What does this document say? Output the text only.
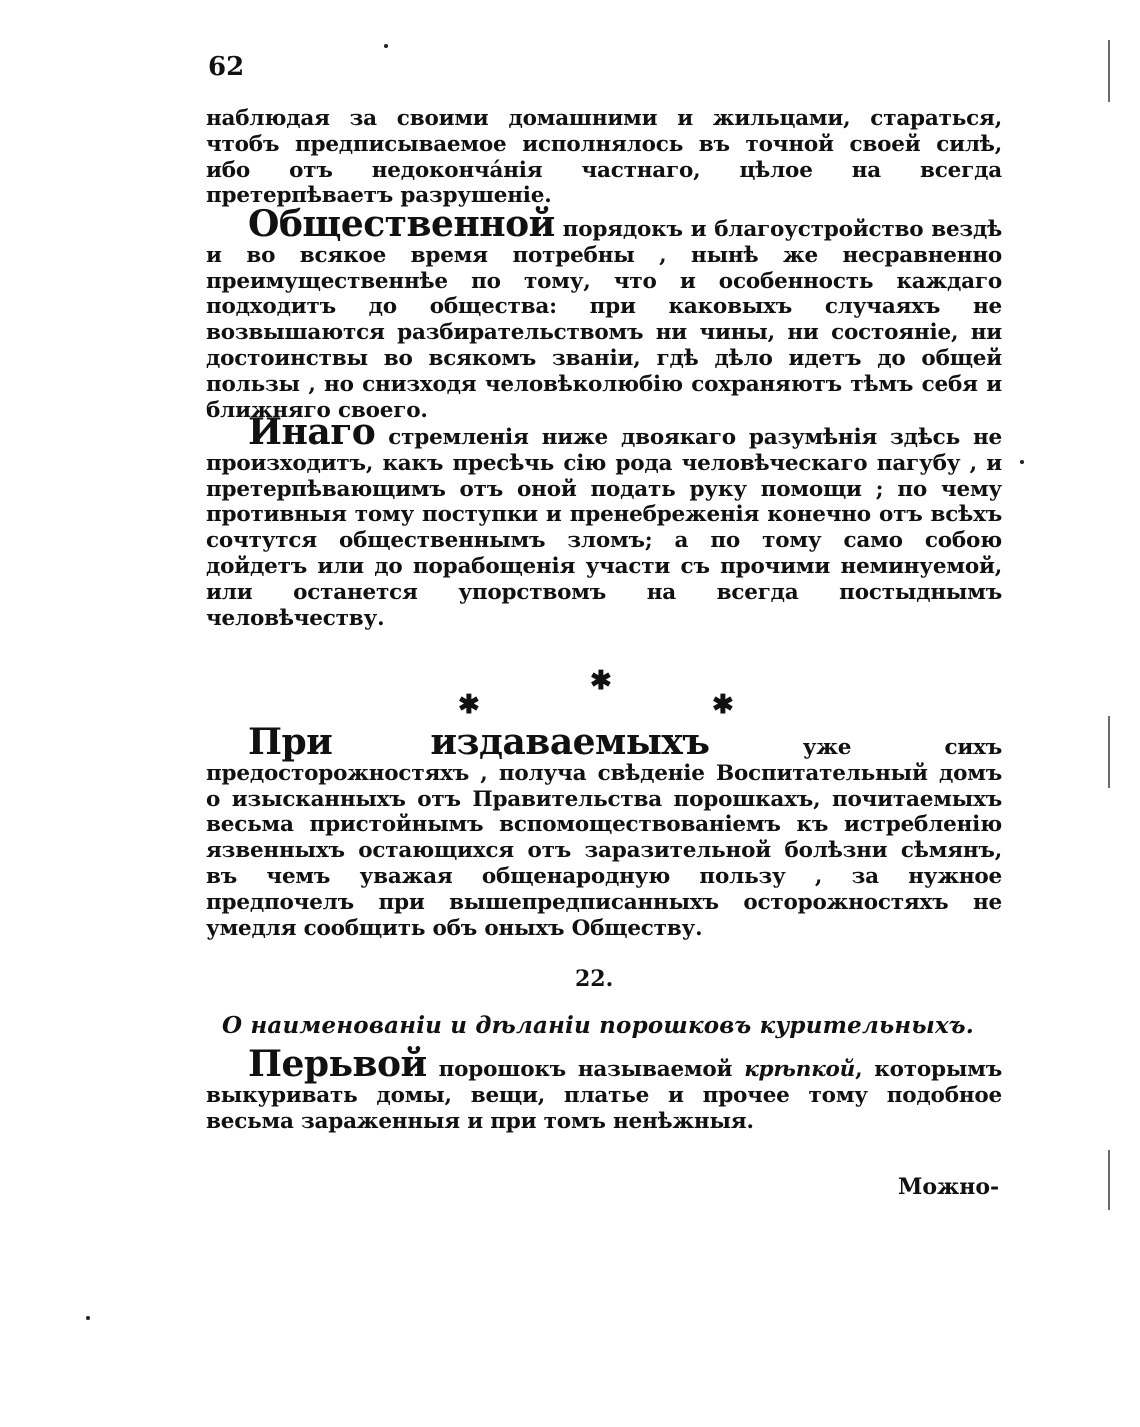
62
наблюдая за своими домашними и жильцами, стараться, чтобъ предписываемое исполнялось въ точной своей силѣ, ибо отъ недоконча́нія частнаго, цѣлое на всегда претерпѣваетъ разрушеніе.
Общественной порядокъ и благоустройство вездѣ и во всякое время потребны , нынѣ же несравненно преимущественнѣе по тому, что и особенность каждаго подходитъ до общества: при каковыхъ случаяхъ не возвышаются разбирательствомъ ни чины, ни состояніе, ни достоинствы во всякомъ званіи, гдѣ дѣло идетъ до общей пользы , но снизходя человѣколюбію сохраняютъ тѣмъ себя и ближняго своего.
Инаго стремленія ниже двоякаго разумѣнія здѣсь не произходитъ, какъ пресѣчь сію рода человѣческаго пагубу , и претерпѣвающимъ отъ оной подать руку помощи ; по чему противныя тому поступки и пренебреженія конечно отъ всѣхъ сочтутся общественнымъ зломъ; а по тому само собою дойдетъ или до порабощенія участи съ прочими неминуемой, или останется упорствомъ на всегда постыднымъ человѣчеству.
✱
✱	✱
При издаваемыхъ уже сихъ предосторожностяхъ , получа свѣденіе Воспитательный домъ о изысканныхъ отъ Правительства порошкахъ, почитаемыхъ весьма пристойнымъ вспомоществованіемъ къ истребленію язвенныхъ остающихся отъ заразительной болѣзни сѣмянъ, въ чемъ уважая общенародную пользу , за нужное предпочелъ при вышепредписанныхъ осторожностяхъ не умедля сообщить объ оныхъ Обществу.
22.
О наименованіи и дѣланіи порошковъ курительныхъ.
Перьвой порошокъ называемой крѣпкой, которымъ выкуривать домы, вещи, платье и прочее тому подобное весьма зараженныя и при томъ ненѣжныя.
Можно-
